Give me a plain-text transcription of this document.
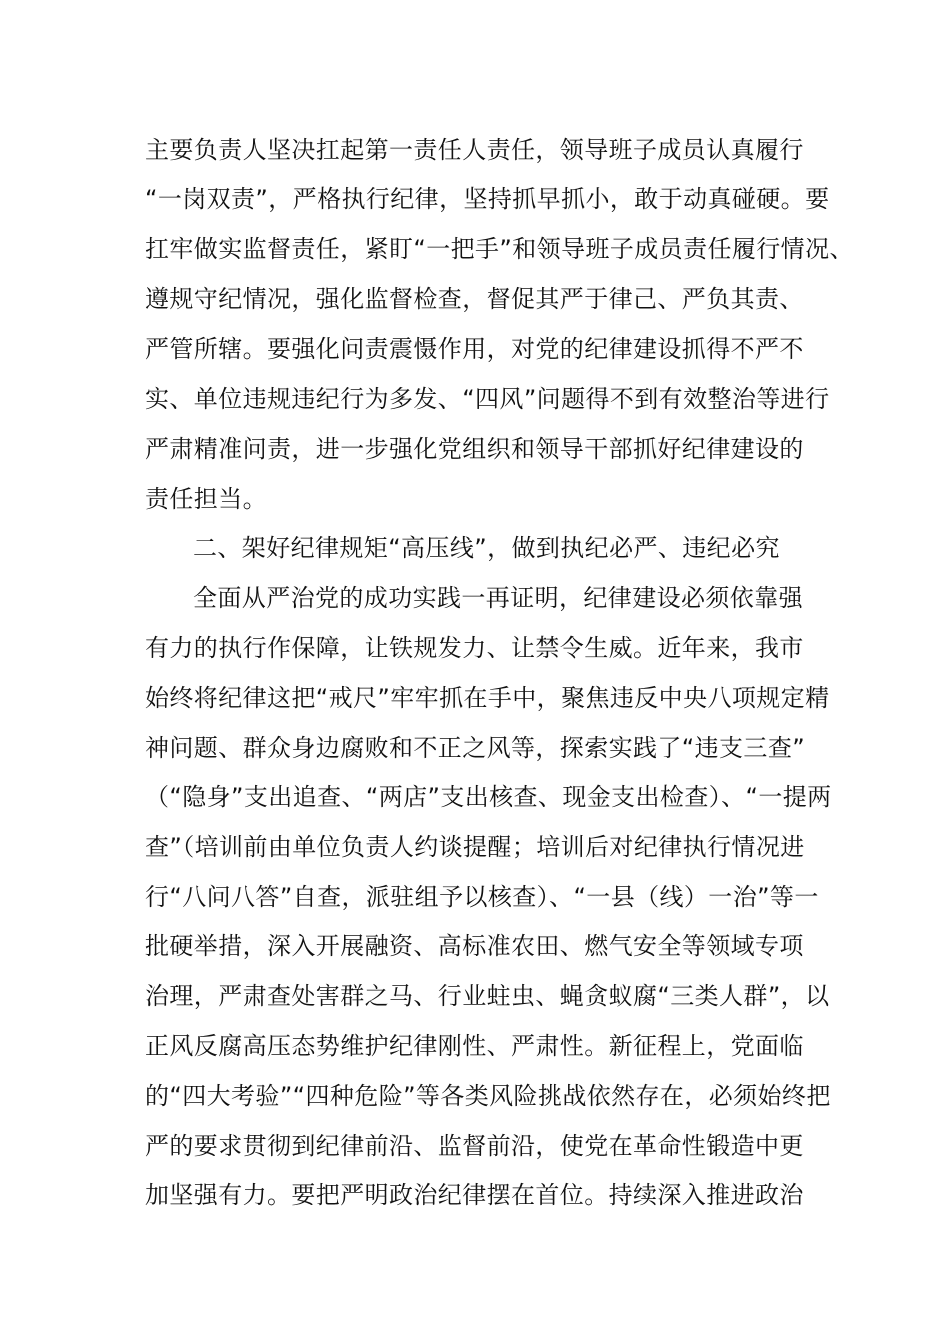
主要负责人坚决扛起第一责任人责任，领导班子成员认真履行
“一岗双责”，严格执行纪律，坚持抓早抓小，敢于动真碰硬。要
扛牢做实监督责任，紧盯“一把手”和领导班子成员责任履行情况、
遵规守纪情况，强化监督检查，督促其严于律己、严负其责、
严管所辖。要强化问责震慑作用，对党的纪律建设抓得不严不
实、单位违规违纪行为多发、“四风”问题得不到有效整治等进行
严肃精准问责，进一步强化党组织和领导干部抓好纪律建设的
责任担当。
二、架好纪律规矩“高压线”，做到执纪必严、违纪必究
全面从严治党的成功实践一再证明，纪律建设必须依靠强
有力的执行作保障，让铁规发力、让禁令生威。近年来，我市
始终将纪律这把“戒尺”牢牢抓在手中，聚焦违反中央八项规定精
神问题、群众身边腐败和不正之风等，探索实践了“违支三查”
（“隐身”支出追查、“两店”支出核查、现金支出检查）、“一提两
查”（培训前由单位负责人约谈提醒；培训后对纪律执行情况进
行“八问八答”自查，派驻组予以核查）、“一县（线）一治”等一
批硬举措，深入开展融资、高标准农田、燃气安全等领域专项
治理，严肃查处害群之马、行业蛀虫、蝇贪蚁腐“三类人群”，以
正风反腐高压态势维护纪律刚性、严肃性。新征程上，党面临
的“四大考验”“四种危险”等各类风险挑战依然存在，必须始终把
严的要求贯彻到纪律前沿、监督前沿，使党在革命性锻造中更
加坚强有力。要把严明政治纪律摆在首位。持续深入推进政治
